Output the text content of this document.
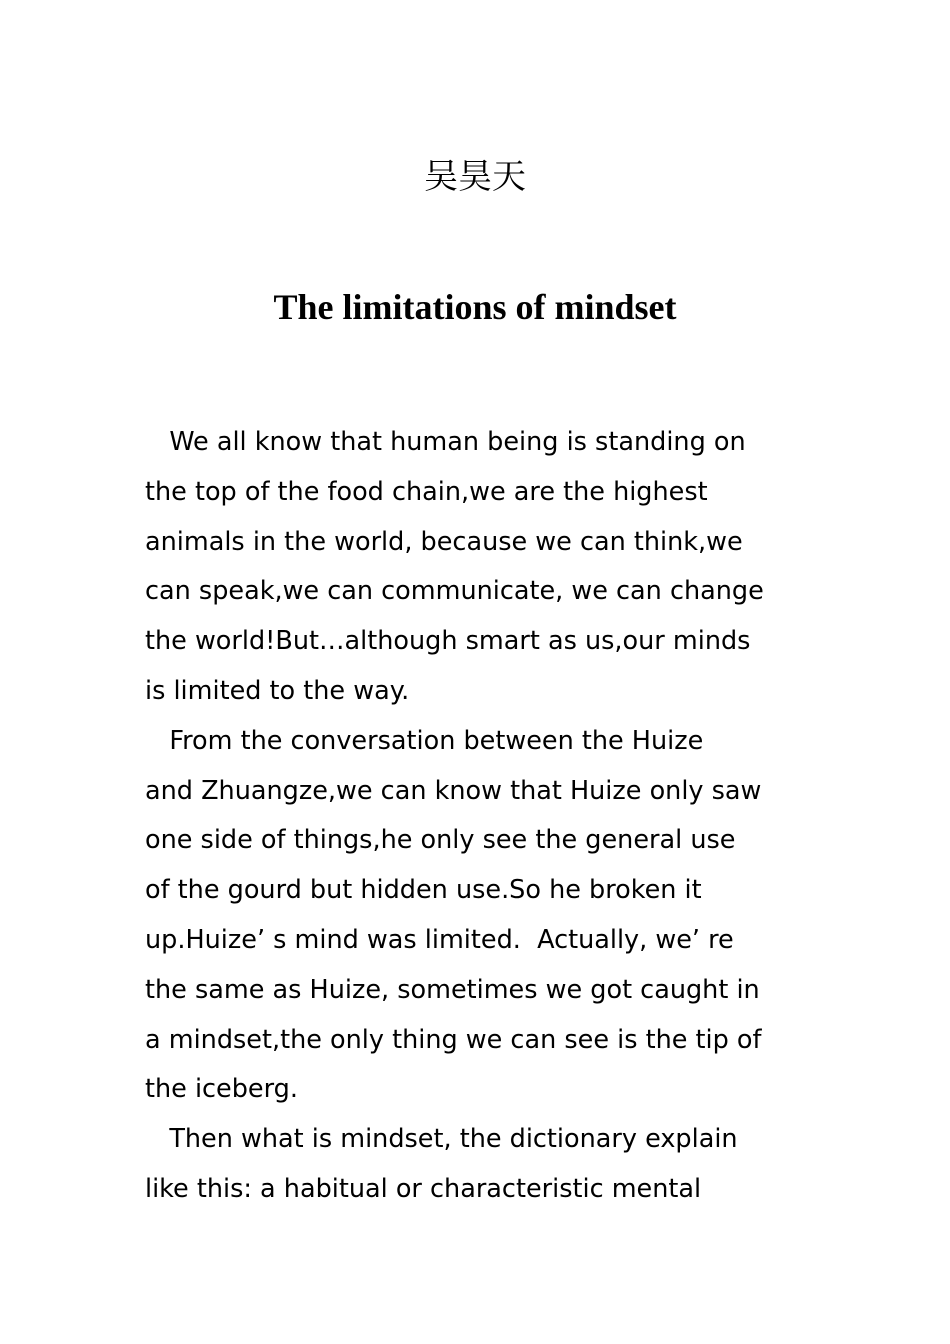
吴昊天
The limitations of mindset
We all know that human being is standing on
the top of the food chain,we are the highest
animals in the world, because we can think,we
can speak,we can communicate, we can change
the world!But…although smart as us,our minds
is limited to the way.
From the conversation between the Huize
and Zhuangze,we can know that Huize only saw
one side of things,he only see the general use
of the gourd but hidden use.So he broken it
up.Huize’ s mind was limited.  Actually, we’ re
the same as Huize, sometimes we got caught in
a mindset,the only thing we can see is the tip of
the iceberg.
Then what is mindset, the dictionary explain
like this: a habitual or characteristic mental
